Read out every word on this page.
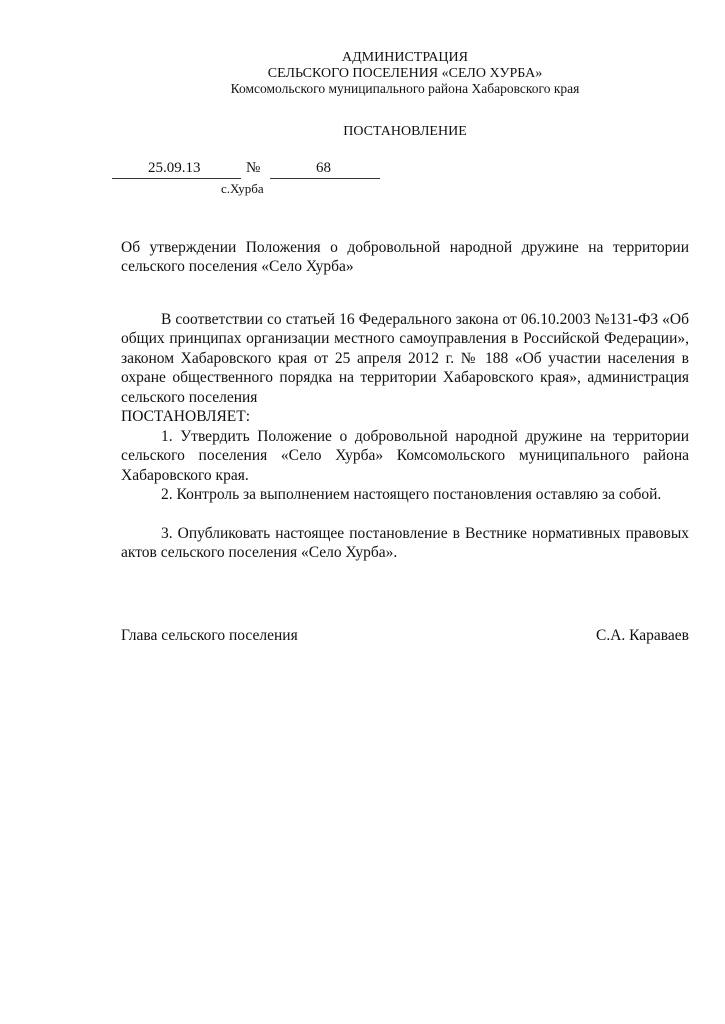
АДМИНИСТРАЦИЯ
СЕЛЬСКОГО ПОСЕЛЕНИЯ «СЕЛО ХУРБА»
Комсомольского муниципального района Хабаровского края
ПОСТАНОВЛЕНИЕ
25.09.13	№	68
с.Хурба
Об утверждении Положения о добровольной народной дружине на территории сельского поселения «Село Хурба»
В соответствии со статьей 16 Федерального закона от 06.10.2003 №131-ФЗ «Об общих принципах организации местного самоуправления в Российской Федерации», законом Хабаровского края от 25 апреля 2012 г. № 188 «Об участии населения в охране общественного порядка на территории Хабаровского края», администрация сельского поселения
ПОСТАНОВЛЯЕТ:
1. Утвердить Положение о добровольной народной дружине на территории сельского поселения «Село Хурба» Комсомольского муниципального района Хабаровского края.
2. Контроль за выполнением настоящего постановления оставляю за собой.
3. Опубликовать настоящее постановление в Вестнике нормативных правовых актов сельского поселения «Село Хурба».
Глава сельского поселения	С.А. Караваев
